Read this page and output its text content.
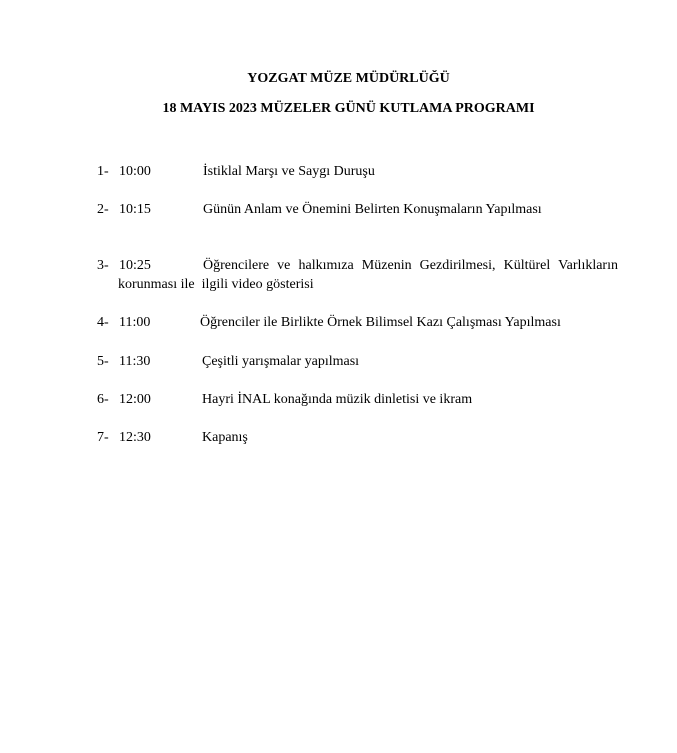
YOZGAT MÜZE MÜDÜRLÜĞÜ
18 MAYIS 2023 MÜZELER GÜNÜ KUTLAMA PROGRAMI
1- 10:00	İstiklal Marşı ve Saygı Duruşu
2- 10:15	Günün Anlam ve Önemini Belirten Konuşmaların Yapılması
3- 10:25	Öğrencilere ve halkımıza Müzenin Gezdirilmesi, Kültürel Varlıkların
korunması ile  ilgili video gösterisi
4- 11:00	Öğrenciler ile Birlikte Örnek Bilimsel Kazı Çalışması Yapılması
5- 11:30	Çeşitli yarışmalar yapılması
6- 12:00	Hayri İNAL konağında müzik dinletisi ve ikram
7- 12:30	Kapanış
